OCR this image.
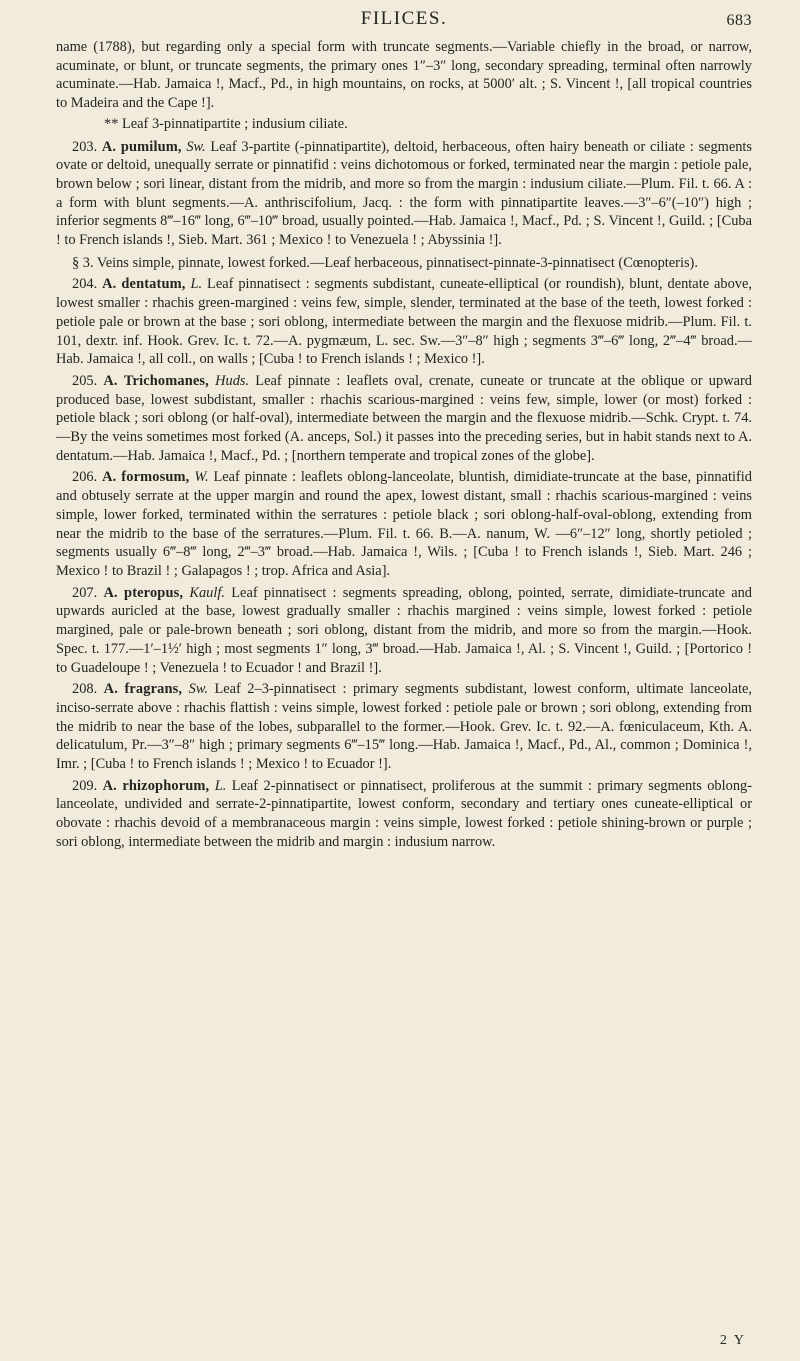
FILICES.	683

name (1788), but regarding only a special form with truncate segments.—Variable chiefly in the broad, or narrow, acuminate, or blunt, or truncate segments, the primary ones 1″–3″ long, secondary spreading, terminal often narrowly acuminate.—Hab. Jamaica !, Macf., Pd., in high mountains, on rocks, at 5000′ alt. ; S. Vincent !, [all tropical countries to Madeira and the Cape !].

** Leaf 3-pinnatipartite ; indusium ciliate.

203. A. pumilum, Sw. Leaf 3-partite (-pinnatipartite), deltoid, herbaceous, often hairy beneath or ciliate : segments ovate or deltoid, unequally serrate or pinnatifid : veins dichotomous or forked, terminated near the margin : petiole pale, brown below ; sori linear, distant from the midrib, and more so from the margin : indusium ciliate.—Plum. Fil. t. 66. A : a form with blunt segments.—A. anthriscifolium, Jacq. : the form with pinnatipartite leaves.—3″–6″(–10″) high ; inferior segments 8‴–16‴ long, 6‴–10‴ broad, usually pointed.—Hab. Jamaica !, Macf., Pd. ; S. Vincent !, Guild. ; [Cuba ! to French islands !, Sieb. Mart. 361 ; Mexico ! to Venezuela ! ; Abyssinia !].

§ 3. Veins simple, pinnate, lowest forked.—Leaf herbaceous, pinnatisect-pinnate-3-pinnatisect (Cœnopteris).

204. A. dentatum, L. Leaf pinnatisect : segments subdistant, cuneate-elliptical (or roundish), blunt, dentate above, lowest smaller : rhachis green-margined : veins few, simple, slender, terminated at the base of the teeth, lowest forked : petiole pale or brown at the base ; sori oblong, intermediate between the margin and the flexuose midrib.—Plum. Fil. t. 101, dextr. inf. Hook. Grev. Ic. t. 72.—A. pygmæum, L. sec. Sw.—3″–8″ high ; segments 3‴–6‴ long, 2‴–4‴ broad.—Hab. Jamaica !, all coll., on walls ; [Cuba ! to French islands ! ; Mexico !].

205. A. Trichomanes, Huds. Leaf pinnate : leaflets oval, crenate, cuneate or truncate at the oblique or upward produced base, lowest subdistant, smaller : rhachis scarious-margined : veins few, simple, lower (or most) forked : petiole black ; sori oblong (or half-oval), intermediate between the margin and the flexuose midrib.—Schk. Crypt. t. 74.—By the veins sometimes most forked (A. anceps, Sol.) it passes into the preceding series, but in habit stands next to A. dentatum.—Hab. Jamaica !, Macf., Pd. ; [northern temperate and tropical zones of the globe].

206. A. formosum, W. Leaf pinnate : leaflets oblong-lanceolate, bluntish, dimidiate-truncate at the base, pinnatifid and obtusely serrate at the upper margin and round the apex, lowest distant, small : rhachis scarious-margined : veins simple, lower forked, terminated within the serratures : petiole black ; sori oblong-half-oval-oblong, extending from near the midrib to the base of the serratures.—Plum. Fil. t. 66. B.—A. nanum, W. —6″–12″ long, shortly petioled ; segments usually 6‴–8‴ long, 2‴–3‴ broad.—Hab. Jamaica !, Wils. ; [Cuba ! to French islands !, Sieb. Mart. 246 ; Mexico ! to Brazil ! ; Galapagos ! ; trop. Africa and Asia].

207. A. pteropus, Kaulf. Leaf pinnatisect : segments spreading, oblong, pointed, serrate, dimidiate-truncate and upwards auricled at the base, lowest gradually smaller : rhachis margined : veins simple, lowest forked : petiole margined, pale or pale-brown beneath ; sori oblong, distant from the midrib, and more so from the margin.—Hook. Spec. t. 177.—1′–1½′ high ; most segments 1″ long, 3‴ broad.—Hab. Jamaica !, Al. ; S. Vincent !, Guild. ; [Portorico ! to Guadeloupe ! ; Venezuela ! to Ecuador ! and Brazil !].

208. A. fragrans, Sw. Leaf 2–3-pinnatisect : primary segments subdistant, lowest conform, ultimate lanceolate, inciso-serrate above : rhachis flattish : veins simple, lowest forked : petiole pale or brown ; sori oblong, extending from the midrib to near the base of the lobes, subparallel to the former.—Hook. Grev. Ic. t. 92.—A. fœniculaceum, Kth. A. delicatulum, Pr.—3″–8″ high ; primary segments 6‴–15‴ long.—Hab. Jamaica !, Macf., Pd., Al., common ; Dominica !, Imr. ; [Cuba ! to French islands ! ; Mexico ! to Ecuador !].

209. A. rhizophorum, L. Leaf 2-pinnatisect or pinnatisect, proliferous at the summit : primary segments oblong-lanceolate, undivided and serrate-2-pinnatipartite, lowest conform, secondary and tertiary ones cuneate-elliptical or obovate : rhachis devoid of a membranaceous margin : veins simple, lowest forked : petiole shining-brown or purple ; sori oblong, intermediate between the midrib and margin : indusium narrow.

2 Y
